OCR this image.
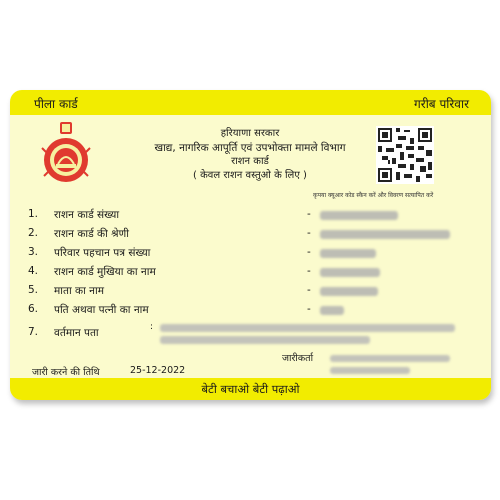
पीला कार्ड	गरीब परिवार
हरियाणा सरकार
खाद्य, नागरिक आपूर्ति एवं उपभोक्ता मामले विभाग
राशन कार्ड
( केवल राशन वस्तुओ के लिए )
कृपया क्यूआर कोड स्कैन करें और विवरण सत्यापित करें
1. राशन कार्ड संख्या	-
2. राशन कार्ड की श्रेणी	-
3. परिवार पहचान पत्र संख्या	-
4. राशन कार्ड मुखिया का नाम	-
5. माता का नाम	-
6. पति अथवा पत्नी का नाम	-
7. वर्तमान पता	:
जारीकर्ता
जारी करने की तिथि	25-12-2022
बेटी बचाओ बेटी पढ़ाओ
